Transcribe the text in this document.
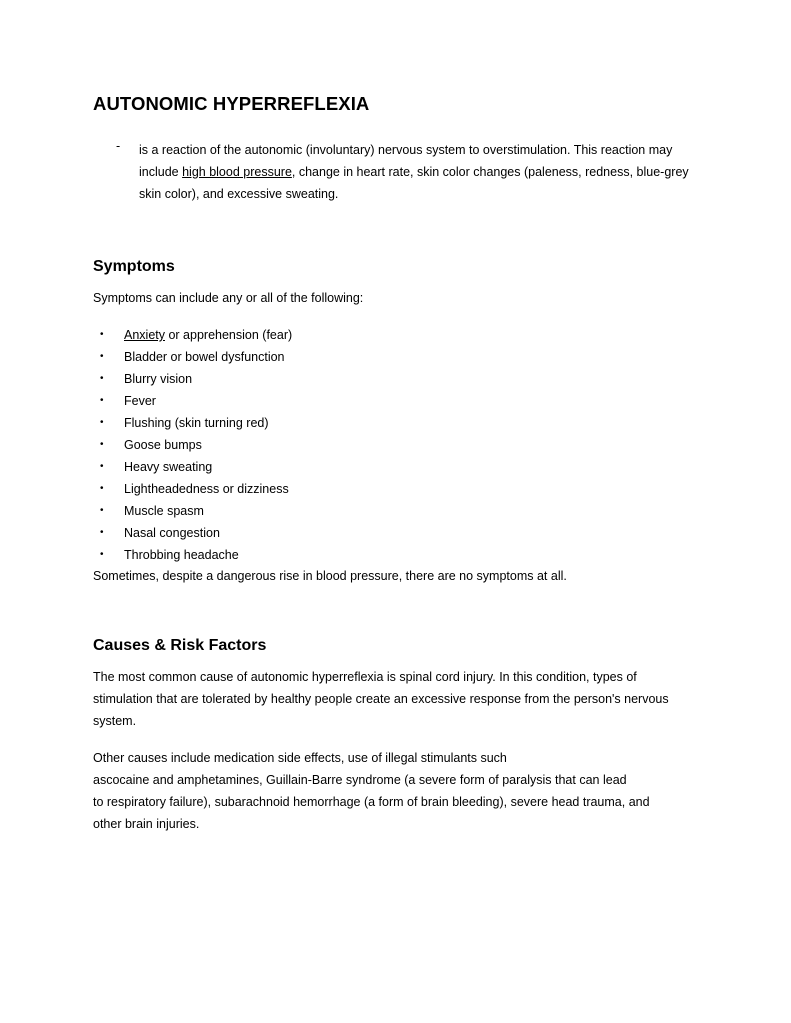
AUTONOMIC HYPERREFLEXIA
- is a reaction of the autonomic (involuntary) nervous system to overstimulation. This reaction may include high blood pressure, change in heart rate, skin color changes (paleness, redness, blue-grey skin color), and excessive sweating.
Symptoms
Symptoms can include any or all of the following:
• Anxiety or apprehension (fear)
• Bladder or bowel dysfunction
• Blurry vision
• Fever
• Flushing (skin turning red)
• Goose bumps
• Heavy sweating
• Lightheadedness or dizziness
• Muscle spasm
• Nasal congestion
• Throbbing headache
Sometimes, despite a dangerous rise in blood pressure, there are no symptoms at all.
Causes & Risk Factors
The most common cause of autonomic hyperreflexia is spinal cord injury. In this condition, types of
stimulation that are tolerated by healthy people create an excessive response from the person's nervous
system.
Other causes include medication side effects, use of illegal stimulants such
ascocaine and amphetamines, Guillain-Barre syndrome (a severe form of paralysis that can lead
to respiratory failure), subarachnoid hemorrhage (a form of brain bleeding), severe head trauma, and
other brain injuries.
